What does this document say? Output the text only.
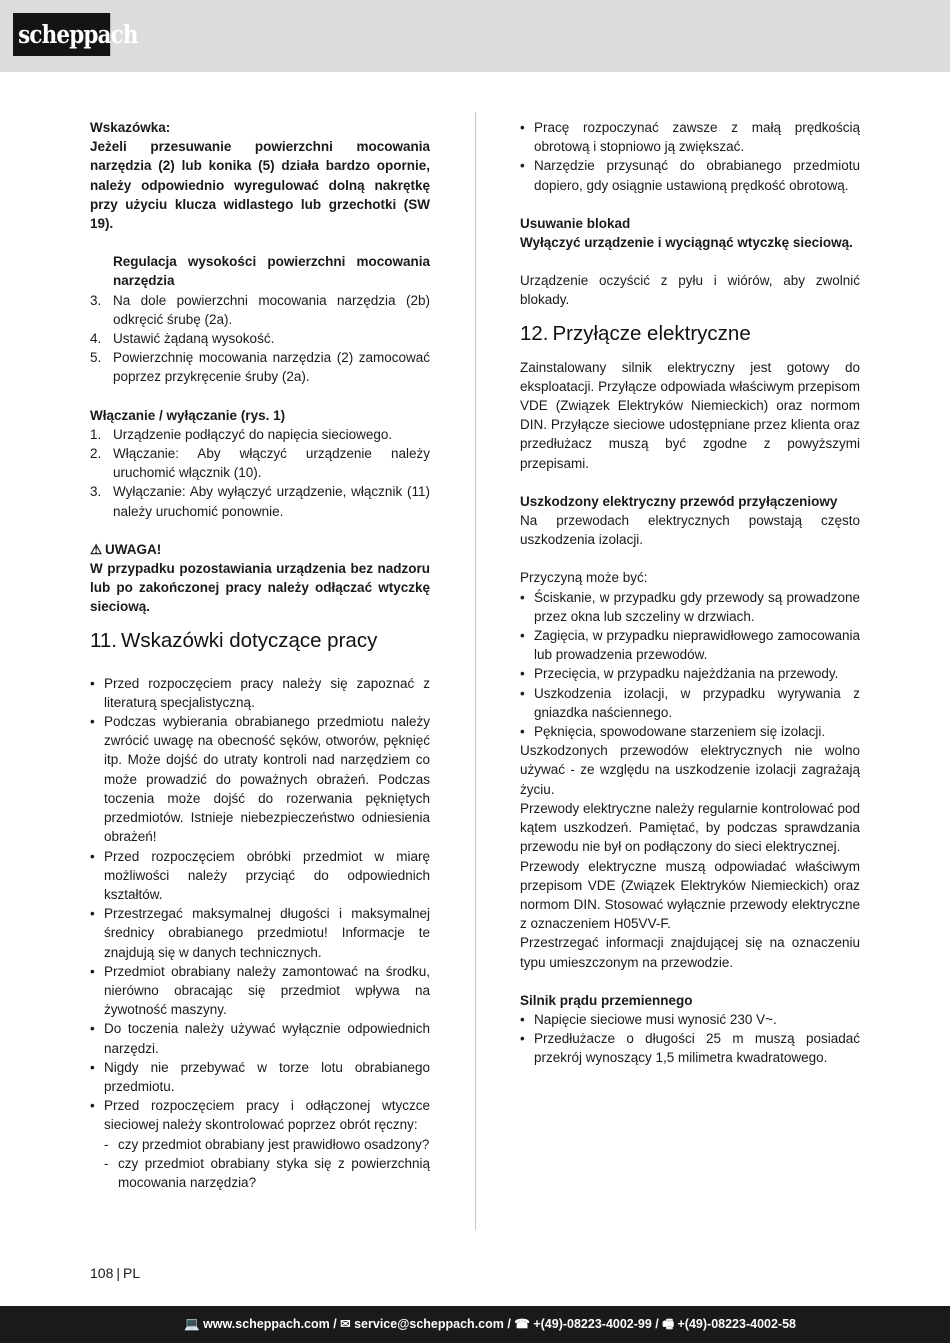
scheppach

Wskazówka:

Jeżeli przesuwanie powierzchni mocowania narzędzia (2) lub konika (5) działa bardzo opornie, należy odpowiednio wyregulować dolną nakrętkę przy użyciu klucza widlastego lub grzechotki (SW 19).

Regulacja wysokości powierzchni mocowania narzędzia

3. Na dole powierzchni mocowania narzędzia (2b) odkręcić śrubę (2a).
4. Ustawić żądaną wysokość.
5. Powierzchnię mocowania narzędzia (2) zamocować poprzez przykręcenie śruby (2a).

Włączanie / wyłączanie (rys. 1)

1. Urządzenie podłączyć do napięcia sieciowego.
2. Włączanie: Aby włączyć urządzenie należy uruchomić włącznik (10).
3. Wyłączanie: Aby wyłączyć urządzenie, włącznik (11) należy uruchomić ponownie.

⚠ UWAGA!

W przypadku pozostawiania urządzenia bez nadzoru lub po zakończonej pracy należy odłączać wtyczkę sieciową.

11. Wskazówki dotyczące pracy
• Przed rozpoczęciem pracy należy się zapoznać z literaturą specjalistyczną.
• Podczas wybierania obrabianego przedmiotu należy zwrócić uwagę na obecność sęków, otworów, pęknięć itp. Może dojść do utraty kontroli nad narzędziem co może prowadzić do poważnych obrażeń. Podczas toczenia może dojść do rozerwania pękniętych przedmiotów. Istnieje niebezpieczeństwo odniesienia obrażeń!
• Przed rozpoczęciem obróbki przedmiot w miarę możliwości należy przyciąć do odpowiednich kształtów.
• Przestrzegać maksymalnej długości i maksymalnej średnicy obrabianego przedmiotu! Informacje te znajdują się w danych technicznych.
• Przedmiot obrabiany należy zamontować na środku, nierówno obracając się przedmiot wpływa na żywotność maszyny.
• Do toczenia należy używać wyłącznie odpowiednich narzędzi.
• Nigdy nie przebywać w torze lotu obrabianego przedmiotu.
• Przed rozpoczęciem pracy i odłączonej wtyczce sieciowej należy skontrolować poprzez obrót ręczny:
- czy przedmiot obrabiany jest prawidłowo osadzony?
- czy przedmiot obrabiany styka się z powierzchnią mocowania narzędzia?
• Pracę rozpoczynać zawsze z małą prędkością obrotową i stopniowo ją zwiększać.
• Narzędzie przysunąć do obrabianego przedmiotu dopiero, gdy osiągnie ustawioną prędkość obrotową.

Usuwanie blokad

Wyłączyć urządzenie i wyciągnąć wtyczkę sieciową.

Urządzenie oczyścić z pyłu i wiórów, aby zwolnić blokady.

12. Przyłącze elektryczne

Zainstalowany silnik elektryczny jest gotowy do eksploatacji. Przyłącze odpowiada właściwym przepisom VDE (Związek Elektryków Niemieckich) oraz normom DIN. Przyłącze sieciowe udostępniane przez klienta oraz przedłużacz muszą być zgodne z powyższymi przepisami.

Uszkodzony elektryczny przewód przyłączeniowy

Na przewodach elektrycznych powstają często uszkodzenia izolacji.

Przyczyną może być:

• Ściskanie, w przypadku gdy przewody są prowadzone przez okna lub szczeliny w drzwiach.
• Zagięcia, w przypadku nieprawidłowego zamocowania lub prowadzenia przewodów.
• Przecięcia, w przypadku najeżdżania na przewody.
• Uszkodzenia izolacji, w przypadku wyrywania z gniazdka naściennego.
• Pęknięcia, spowodowane starzeniem się izolacji.

Uszkodzonych przewodów elektrycznych nie wolno używać - ze względu na uszkodzenie izolacji zagrażają życiu.

Przewody elektryczne należy regularnie kontrolować pod kątem uszkodzeń. Pamiętać, by podczas sprawdzania przewodu nie był on podłączony do sieci elektrycznej.

Przewody elektryczne muszą odpowiadać właściwym przepisom VDE (Związek Elektryków Niemieckich) oraz normom DIN. Stosować wyłącznie przewody elektryczne z oznaczeniem H05VV-F.

Przestrzegać informacji znajdującej się na oznaczeniu typu umieszczonym na przewodzie.

Silnik prądu przemiennego

• Napięcie sieciowe musi wynosić 230 V~.
• Przedłużacze o długości 25 m muszą posiadać przekrój wynoszący 1,5 milimetra kwadratowego.
108 | PL
💻 www.scheppach.com / ✉ service@scheppach.com / ☎ +(49)-08223-4002-99 / 🖷 +(49)-08223-4002-58
